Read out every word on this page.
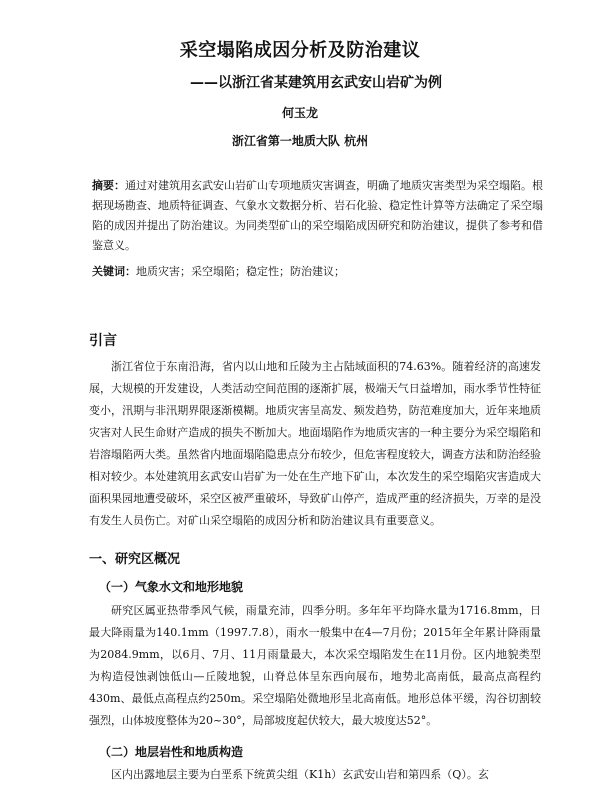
采空塌陷成因分析及防治建议
——以浙江省某建筑用玄武安山岩矿为例
何玉龙
浙江省第一地质大队 杭州
摘要：通过对建筑用玄武安山岩矿山专项地质灾害调查，明确了地质灾害类型为采空塌陷。根据现场勘查、地质特征调查、气象水文数据分析、岩石化验、稳定性计算等方法确定了采空塌陷的成因并提出了防治建议。为同类型矿山的采空塌陷成因研究和防治建议，提供了参考和借鉴意义。
关键词：地质灾害；采空塌陷；稳定性；防治建议；
引言
浙江省位于东南沿海，省内以山地和丘陵为主占陆域面积的74.63%。随着经济的高速发展，大规模的开发建设，人类活动空间范围的逐渐扩展，极端天气日益增加，雨水季节性特征变小，汛期与非汛期界限逐渐模糊。地质灾害呈高发、频发趋势，防范难度加大，近年来地质灾害对人民生命财产造成的损失不断加大。地面塌陷作为地质灾害的一种主要分为采空塌陷和岩溶塌陷两大类。虽然省内地面塌陷隐患点分布较少，但危害程度较大，调查方法和防治经验相对较少。本处建筑用玄武安山岩矿为一处在生产地下矿山，本次发生的采空塌陷灾害造成大面积果园地遭受破坏，采空区被严重破坏，导致矿山停产，造成严重的经济损失，万幸的是没有发生人员伤亡。对矿山采空塌陷的成因分析和防治建议具有重要意义。
一、研究区概况
（一）气象水文和地形地貌
研究区属亚热带季风气候，雨量充沛，四季分明。多年年平均降水量为1716.8mm，日最大降雨量为140.1mm（1997.7.8），雨水一般集中在4—7月份；2015年全年累计降雨量为2084.9mm，以6月、7月、11月雨量最大，本次采空塌陷发生在11月份。区内地貌类型为构造侵蚀剥蚀低山—丘陵地貌，山脊总体呈东西向展布，地势北高南低，最高点高程约430m、最低点高程点约250m。采空塌陷处微地形呈北高南低。地形总体平缓，沟谷切割较强烈，山体坡度整体为20~30°，局部坡度起伏较大，最大坡度达52°。
（二）地层岩性和地质构造
区内出露地层主要为白垩系下统黄尖组（K1h）玄武安山岩和第四系（Q）。玄
